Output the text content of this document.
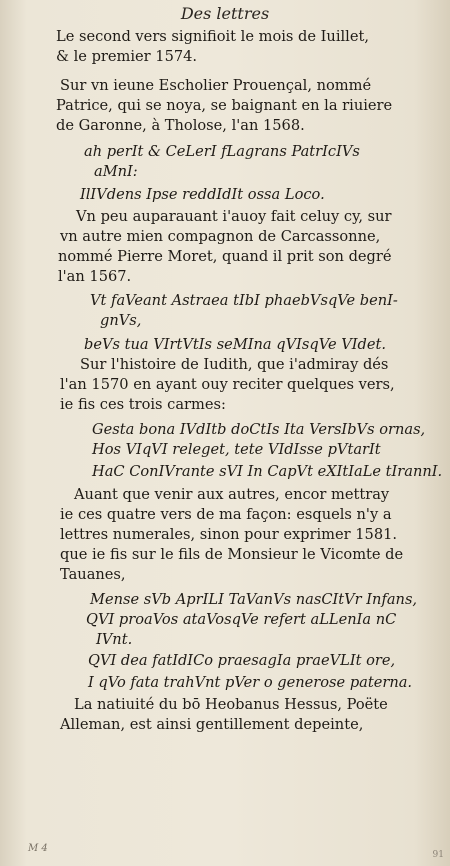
Des lettres
Le second vers signifioit le mois de Iuillet,
& le premier 1574.
Sur vn ieune Escholier Prouençal, nommé
Patrice, qui se noya, se baignant en la riuiere
de Garonne, à Tholose, l'an 1568.
ah perIt & CeLerI fLagrans PatrIcIVs
aMnI:
IlIVdens Ipse reddIdIt ossa Loco.
Vn peu auparauant i'auoy fait celuy cy, sur
vn autre mien compagnon de Carcassonne,
nommé Pierre Moret, quand il prit son degré
l'an 1567.
Vt faVeant Astraea tIbI phaebVsqVe benI-
gnVs,
beVs tua VIrtVtIs seMIna qVIsqVe VIdet.
Sur l'histoire de Iudith, que i'admiray dés
l'an 1570 en ayant ouy reciter quelques vers,
ie fis ces trois carmes:
Gesta bona IVdItb doCtIs Ita VersIbVs ornas,
Hos VIqVI releget, tete VIdIsse pVtarIt
HaC ConIVrante sVI In CapVt eXItIaLe tIrannI.
Auant que venir aux autres, encor mettray
ie ces quatre vers de ma façon: esquels n'y a
lettres numerales, sinon pour exprimer 1581.
que ie fis sur le fils de Monsieur le Vicomte de
Tauanes,
Mense sVb AprILI TaVanVs nasCItVr Infans,
QVI proaVos ataVosqVe refert aLLenIa nC
IVnt.
QVI dea fatIdICo praesagIa praeVLIt ore,
I qVo fata trahVnt pVer o generose paterna.
La natiuité du bō Heobanus Hessus, Poëte
Alleman, est ainsi gentillement depeinte,
M 4
91
